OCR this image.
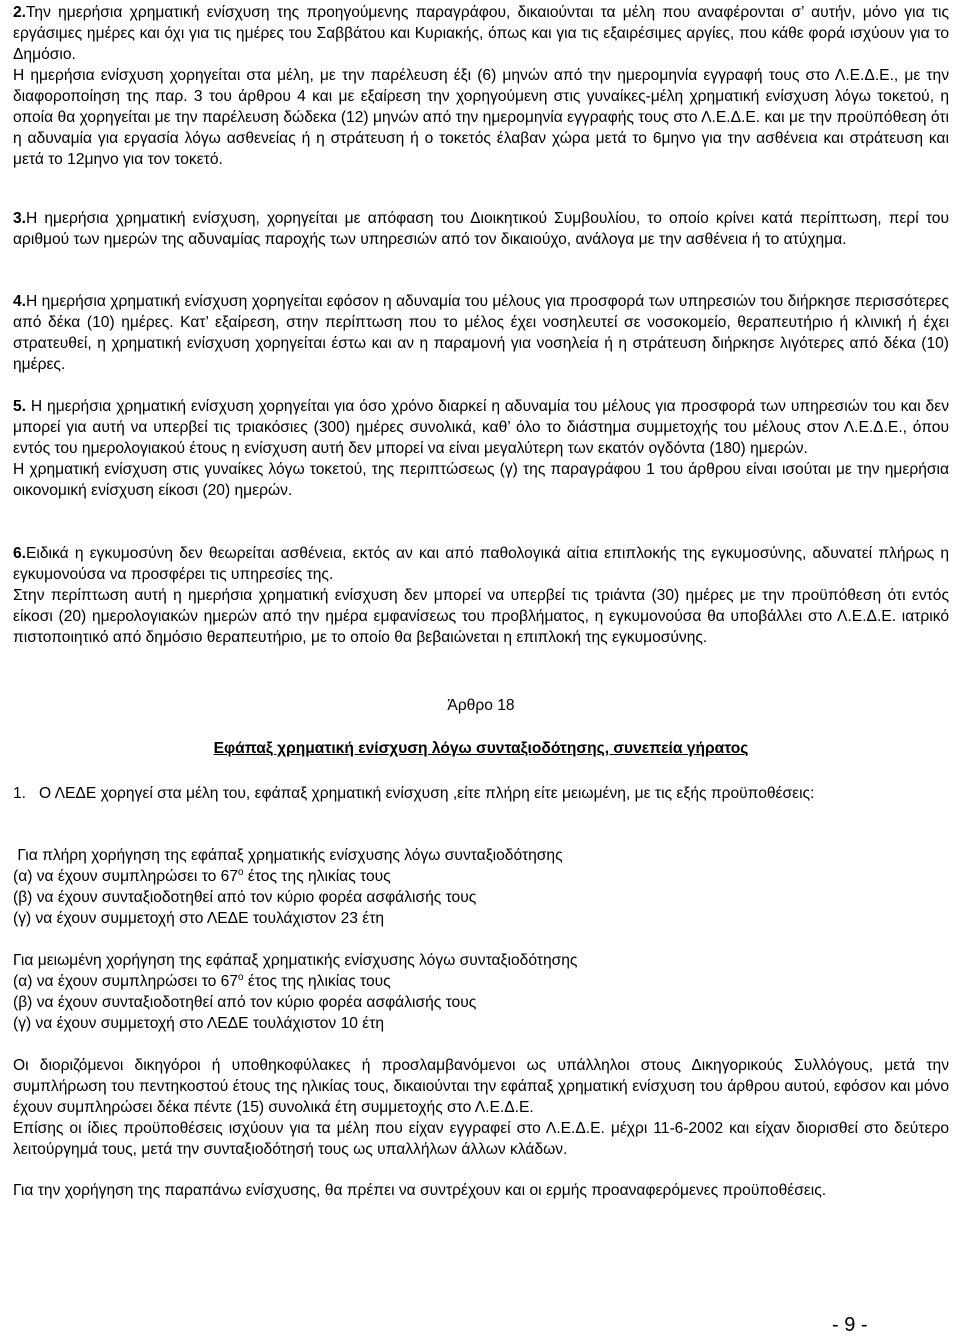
2.Την ημερήσια χρηματική ενίσχυση της προηγούμενης παραγράφου, δικαιούνται τα μέλη που αναφέρονται σ’ αυτήν, μόνο για τις εργάσιμες ημέρες και όχι για τις ημέρες του Σαββάτου και Κυριακής, όπως και για τις εξαιρέσιμες αργίες, που κάθε φορά ισχύουν για το Δημόσιο.

Η ημερήσια ενίσχυση χορηγείται στα μέλη, με την παρέλευση έξι (6) μηνών από την ημερομηνία εγγραφή τους στο Λ.Ε.Δ.Ε., με την διαφοροποίηση της παρ. 3 του άρθρου 4 και με εξαίρεση την χορηγούμενη στις γυναίκες-μέλη χρηματική ενίσχυση λόγω τοκετού, η οποία θα χορηγείται με την παρέλευση δώδεκα (12) μηνών από την ημερομηνία εγγραφής τους στο Λ.Ε.Δ.Ε. και με την προϋπόθεση ότι η αδυναμία για εργασία λόγω ασθενείας ή η στράτευση ή ο τοκετός έλαβαν χώρα μετά το 6μηνο για την ασθένεια και στράτευση και μετά το 12μηνο για τον τοκετό.

3.Η ημερήσια χρηματική ενίσχυση, χορηγείται με απόφαση του Διοικητικού Συμβουλίου, το οποίο κρίνει κατά περίπτωση, περί του αριθμού των ημερών της αδυναμίας παροχής των υπηρεσιών από τον δικαιούχο, ανάλογα με την ασθένεια ή το ατύχημα.

4.Η ημερήσια χρηματική ενίσχυση χορηγείται εφόσον η αδυναμία του μέλους για προσφορά των υπηρεσιών του διήρκησε περισσότερες από δέκα (10) ημέρες. Κατ’ εξαίρεση, στην περίπτωση που το μέλος έχει νοσηλευτεί σε νοσοκομείο, θεραπευτήριο ή κλινική ή έχει στρατευθεί, η χρηματική ενίσχυση χορηγείται έστω και αν η παραμονή για νοσηλεία ή η στράτευση διήρκησε λιγότερες από δέκα (10) ημέρες.

5. Η ημερήσια χρηματική ενίσχυση χορηγείται για όσο χρόνο διαρκεί η αδυναμία του μέλους για προσφορά των υπηρεσιών του και δεν μπορεί για αυτή να υπερβεί τις τριακόσιες (300) ημέρες συνολικά, καθ’ όλο το διάστημα συμμετοχής του μέλους στον Λ.Ε.Δ.Ε., όπου εντός του ημερολογιακού έτους η ενίσχυση αυτή δεν μπορεί να είναι μεγαλύτερη των εκατόν ογδόντα (180) ημερών.

Η χρηματική ενίσχυση στις γυναίκες λόγω τοκετού, της περιπτώσεως (γ) της παραγράφου 1 του άρθρου είναι ισούται με την ημερήσια οικονομική ενίσχυση είκοσι (20) ημερών.

6.Ειδικά η εγκυμοσύνη δεν θεωρείται ασθένεια, εκτός αν και από παθολογικά αίτια επιπλοκής της εγκυμοσύνης, αδυνατεί πλήρως η εγκυμονούσα να προσφέρει τις υπηρεσίες της.

Στην περίπτωση αυτή η ημερήσια χρηματική ενίσχυση δεν μπορεί να υπερβεί τις τριάντα (30) ημέρες με την προϋπόθεση ότι εντός είκοσι (20) ημερολογιακών ημερών από την ημέρα εμφανίσεως του προβλήματος, η εγκυμονούσα θα υποβάλλει στο Λ.Ε.Δ.Ε. ιατρικό πιστοποιητικό από δημόσιο θεραπευτήριο, με το οποίο θα βεβαιώνεται η επιπλοκή της εγκυμοσύνης.

Άρθρο 18
Εφάπαξ χρηματική ενίσχυση λόγω συνταξιοδότησης, συνεπεία γήρατος

1. Ο ΛΕΔΕ χορηγεί στα μέλη του, εφάπαξ χρηματική ενίσχυση ,είτε πλήρη είτε μειωμένη, με τις εξής προϋποθέσεις:

Για πλήρη χορήγηση της εφάπαξ χρηματικής ενίσχυσης λόγω συνταξιοδότησης
(α) να έχουν συμπληρώσει το $67^o$ έτος της ηλικίας τους
(β) να έχουν συνταξιοδοτηθεί από τον κύριο φορέα ασφάλισής τους
(γ) να έχουν συμμετοχή στο ΛΕΔΕ τουλάχιστον 23 έτη
Για μειωμένη χορήγηση της εφάπαξ χρηματικής ενίσχυσης λόγω συνταξιοδότησης
(α) να έχουν συμπληρώσει το $67^o$ έτος της ηλικίας τους
(β) να έχουν συνταξιοδοτηθεί από τον κύριο φορέα ασφάλισής τους
(γ) να έχουν συμμετοχή στο ΛΕΔΕ τουλάχιστον 10 έτη

Οι διοριζόμενοι δικηγόροι ή υποθηκοφύλακες ή προσλαμβανόμενοι ως υπάλληλοι στους Δικηγορικούς Συλλόγους, μετά την συμπλήρωση του πεντηκοστού έτους της ηλικίας τους, δικαιούνται την εφάπαξ χρηματική ενίσχυση του άρθρου αυτού, εφόσον και μόνο έχουν συμπληρώσει δέκα πέντε (15) συνολικά έτη συμμετοχής στο Λ.Ε.Δ.Ε.

Επίσης οι ίδιες προϋποθέσεις ισχύουν για τα μέλη που είχαν εγγραφεί στο Λ.Ε.Δ.Ε. μέχρι 11-6-2002 και είχαν διορισθεί στο δεύτερο λειτούργημά τους, μετά την συνταξιοδότησή τους ως υπαλλήλων άλλων κλάδων.

Για την χορήγηση της παραπάνω ενίσχυσης, θα πρέπει να συντρέχουν και οι ερμής προαναφερόμενες προϋποθέσεις.

- 9 -
